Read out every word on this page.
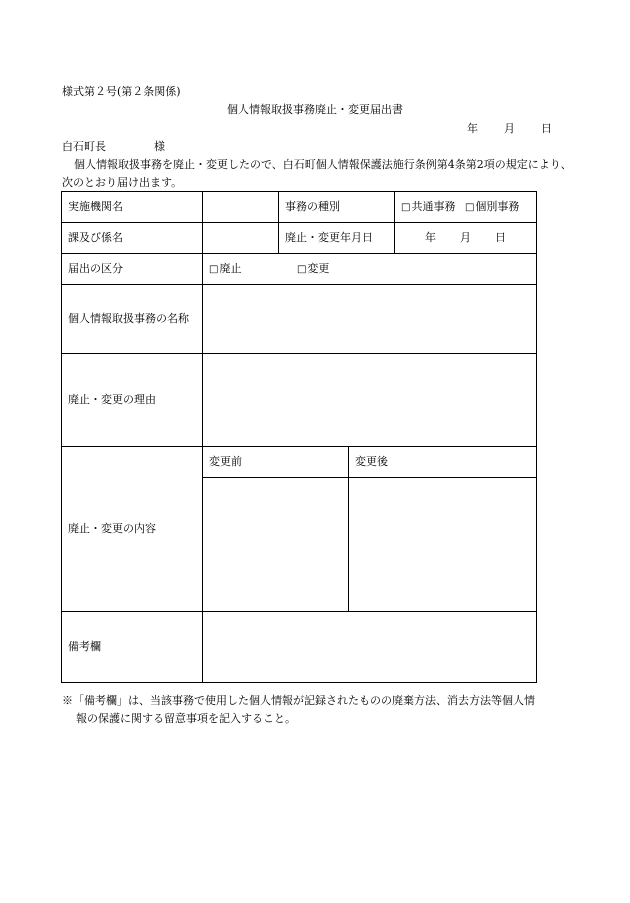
様式第２号(第２条関係)
個人情報取扱事務廃止・変更届出書
年 月 日
白石町長	様
個人情報取扱事務を廃止・変更したので、白石町個人情報保護法施行条例第4条第2項の規定により、次のとおり届け出ます。
実施機関名		事務の種別		□共通事務 □個別事務
課及び係名		廃止・変更年月日		年 月 日
届出の区分	□廃止 □変更			
個人情報取扱事務の名称				
廃止・変更の理由				
廃止・変更の内容	変更前		変更後	

備考欄				
※「備考欄」は、当該事務で使用した個人情報が記録されたものの廃棄方法、消去方法等個人情
報の保護に関する留意事項を記入すること。
